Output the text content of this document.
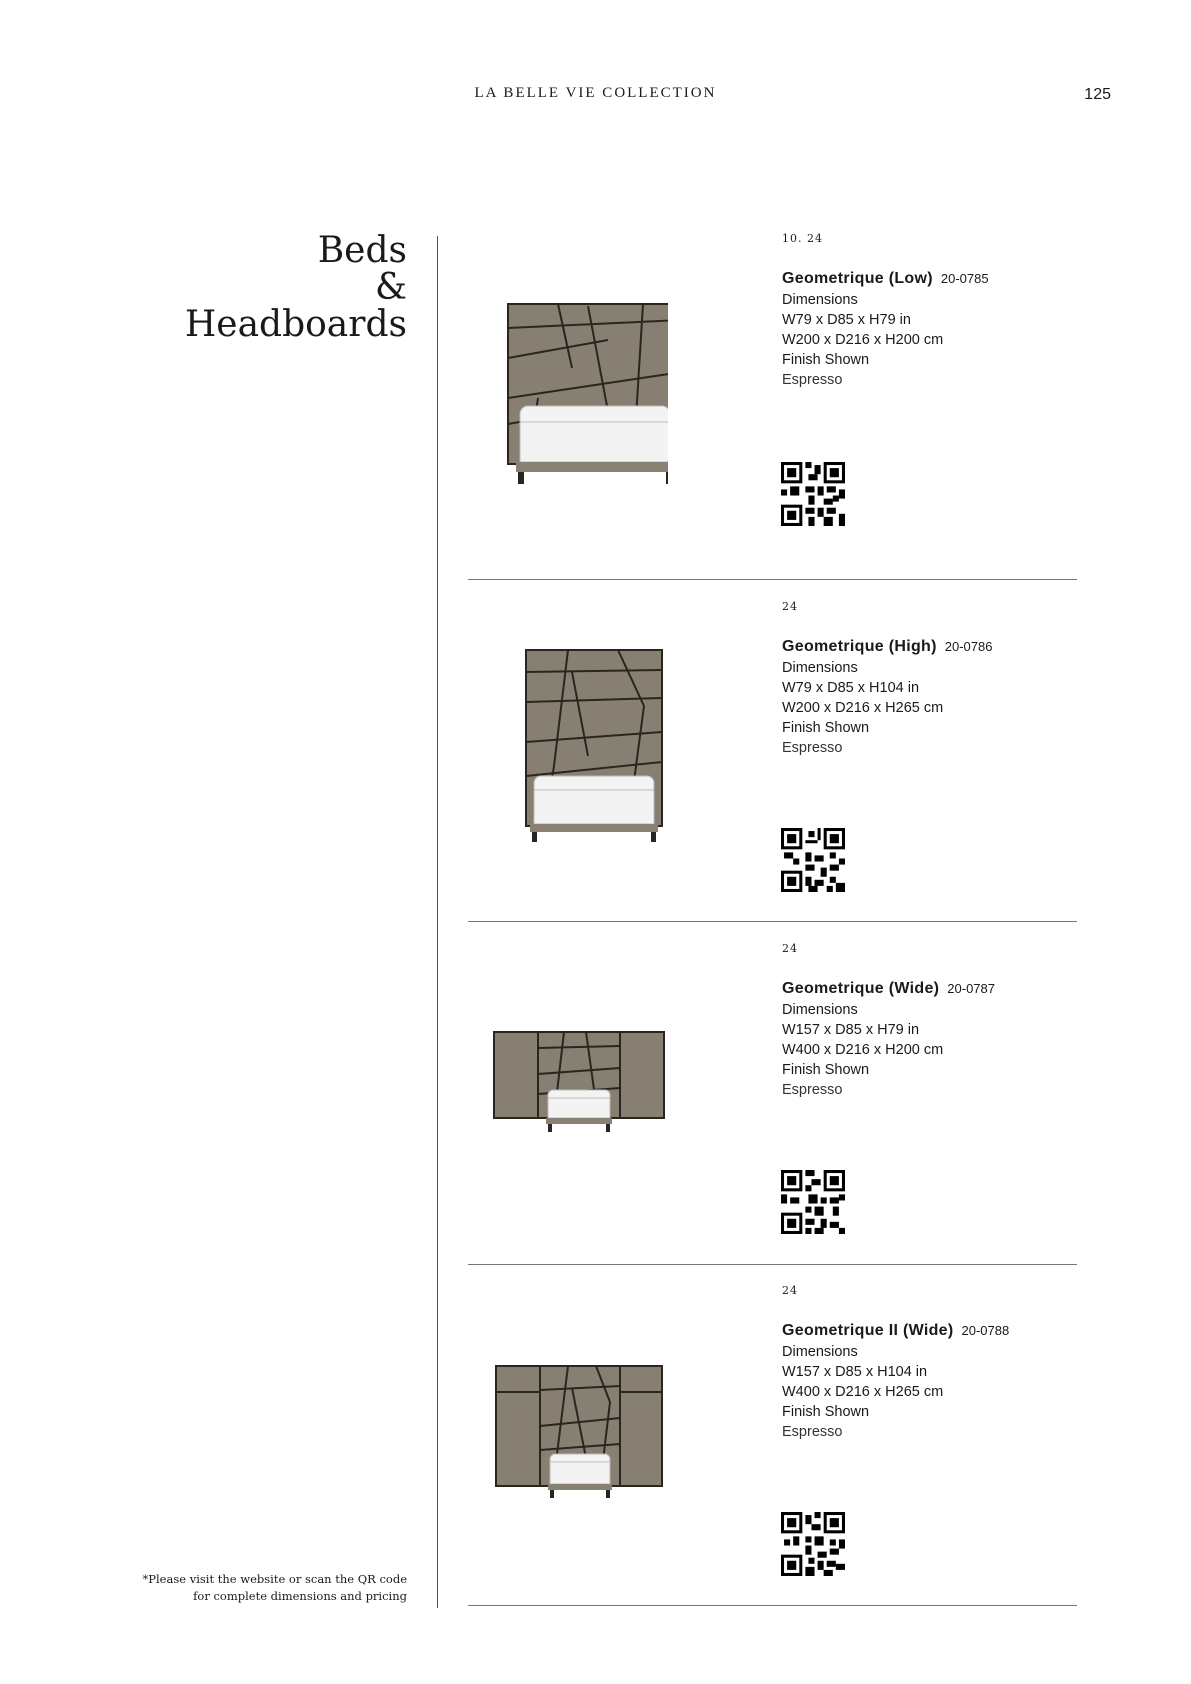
LA BELLE VIE COLLECTION	125
Beds
&
Headboards
10. 24
Geometrique (Low) 20-0785
Dimensions
W79 x D85 x H79 in
W200 x D216 x H200 cm
Finish Shown
Espresso
24
Geometrique (High) 20-0786
Dimensions
W79 x D85 x H104 in
W200 x D216 x H265 cm
Finish Shown
Espresso
24
Geometrique (Wide) 20-0787
Dimensions
W157 x D85 x H79 in
W400 x D216 x H200 cm
Finish Shown
Espresso
24
Geometrique II (Wide) 20-0788
Dimensions
W157 x D85 x H104 in
W400 x D216 x H265 cm
Finish Shown
Espresso
*Please visit the website or scan the QR code
for complete dimensions and pricing
